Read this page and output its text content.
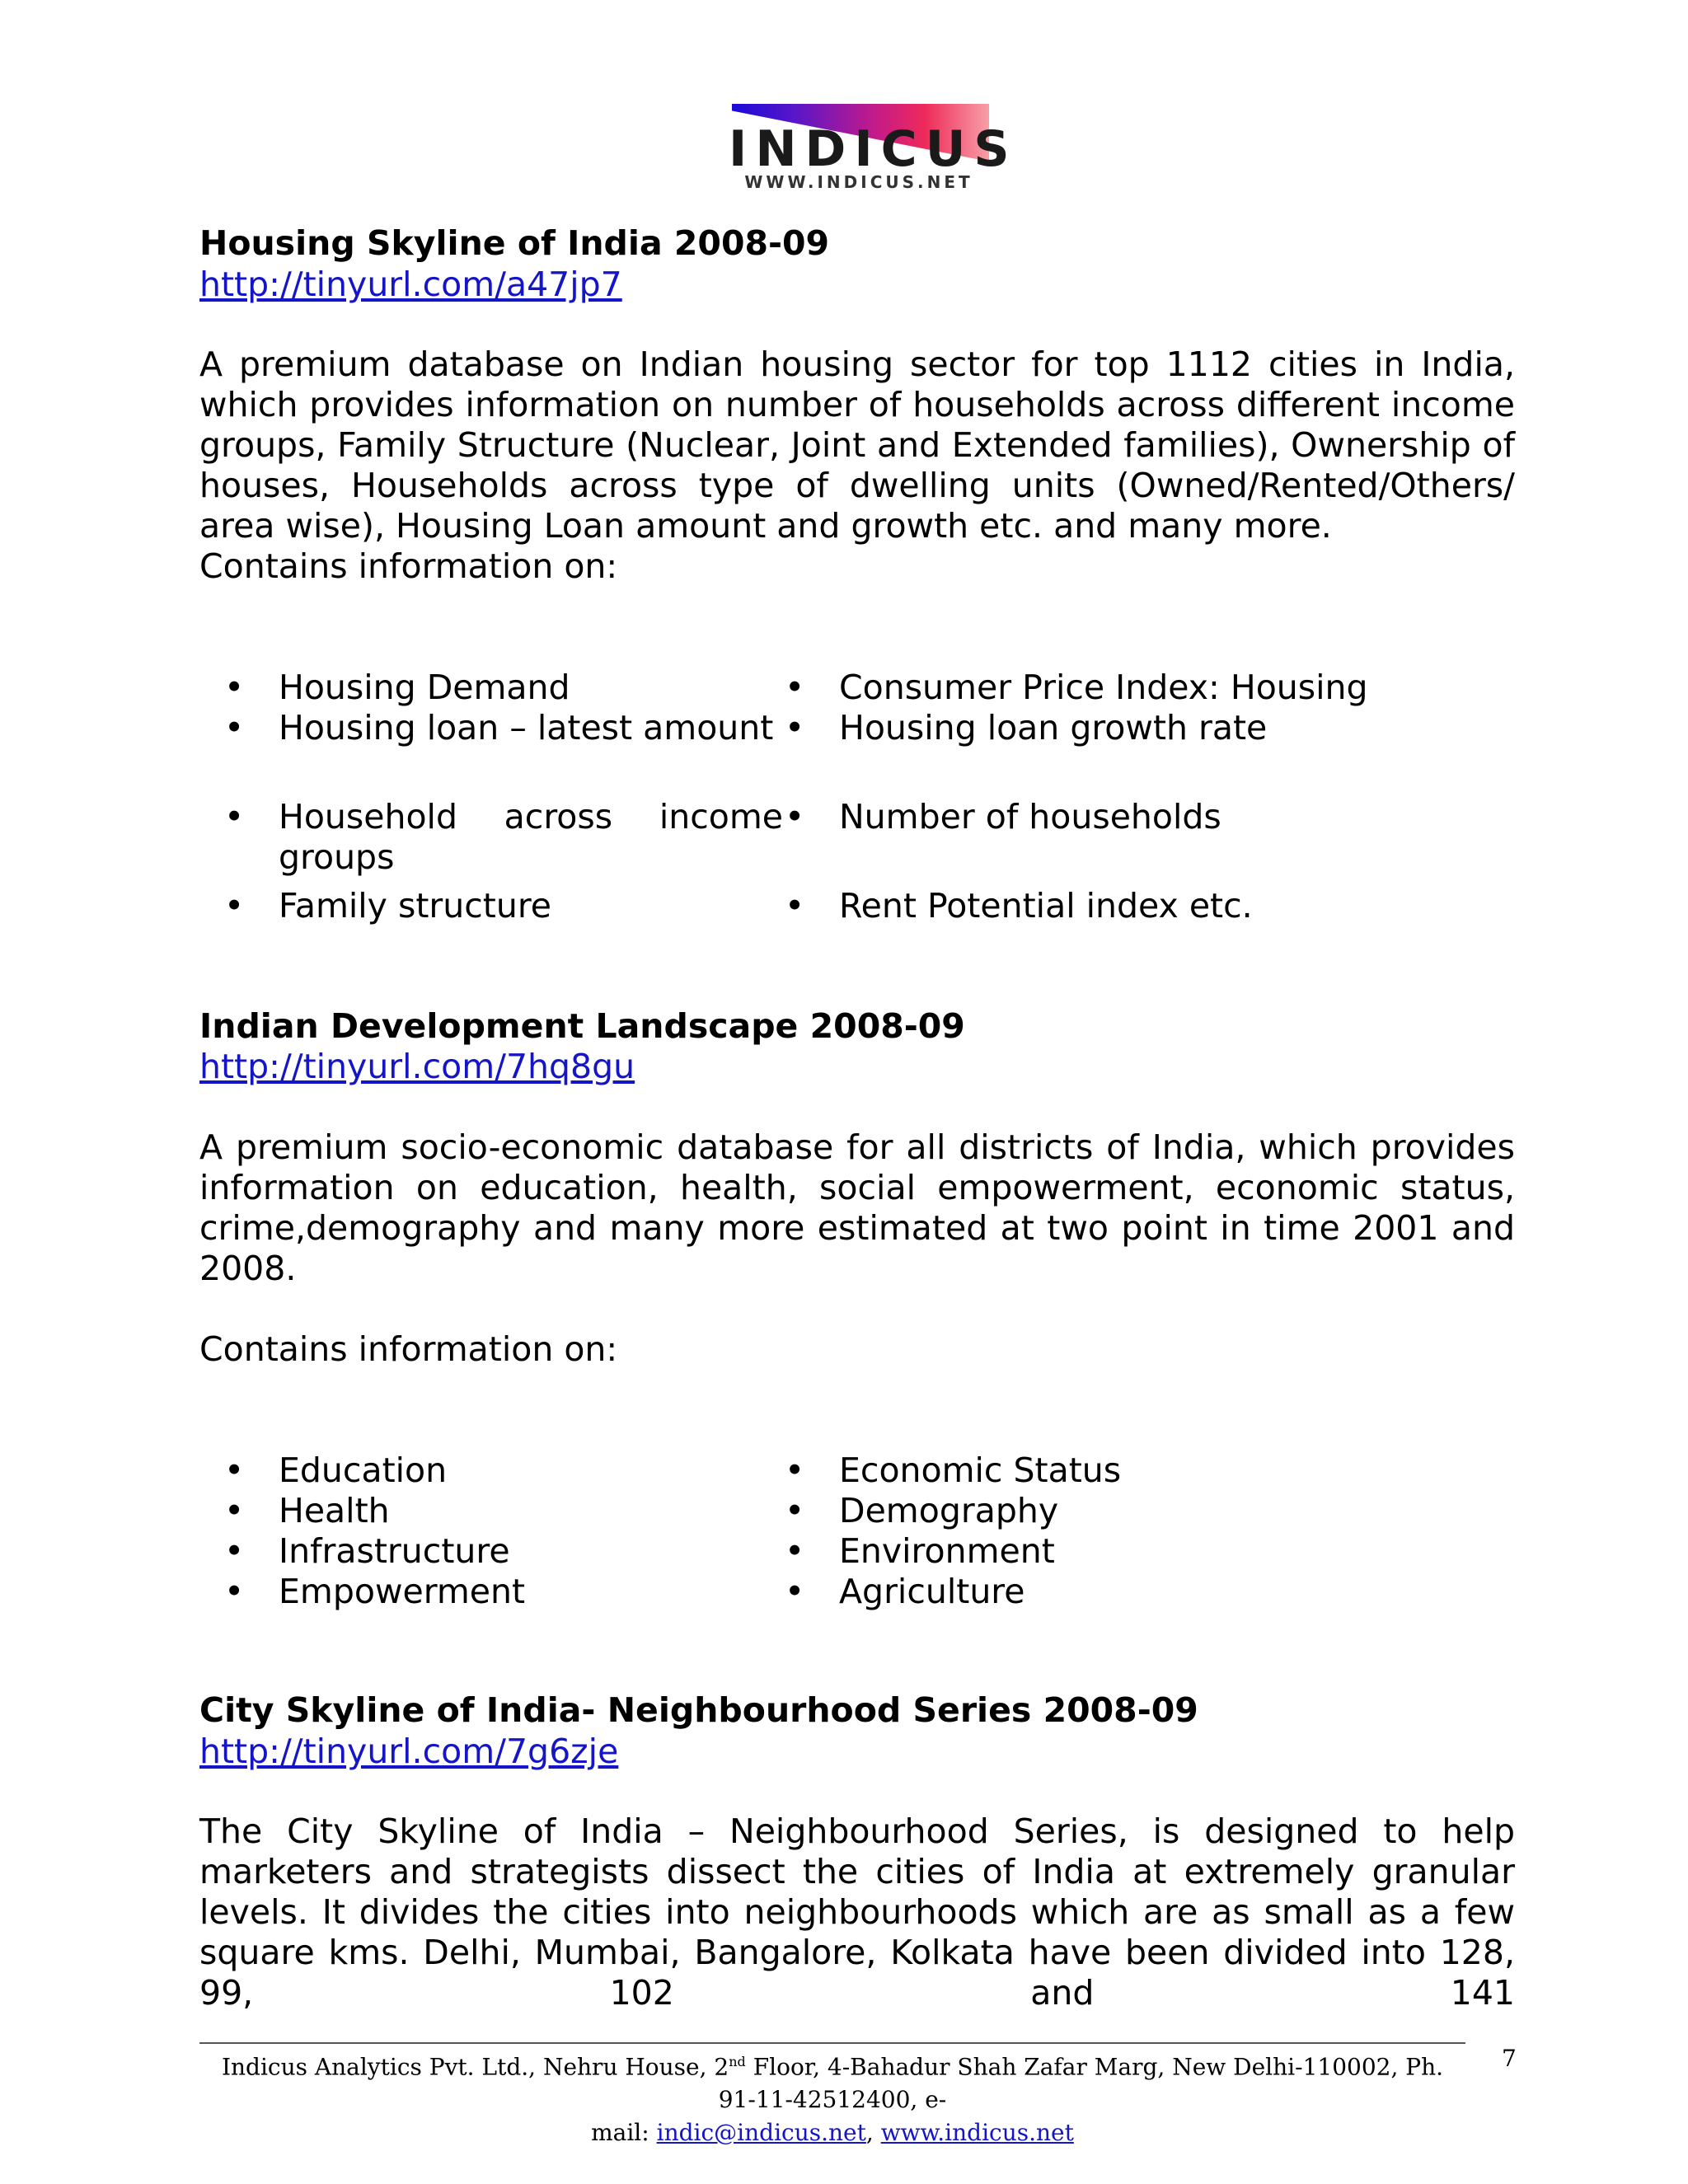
INDICUS
WWW.INDICUS.NET
Housing Skyline of India 2008-09
http://tinyurl.com/a47jp7

A premium database on Indian housing sector for top 1112 cities in India, which provides information on number of households across different income groups, Family Structure (Nuclear, Joint and Extended families), Ownership of houses, Households across type of dwelling units (Owned/Rented/Others/ area wise), Housing Loan amount and growth etc. and many more.

Contains information on:
•
Housing Demand
•
Housing loan – latest amount
•
Household across income groups
•
Family structure
•
Consumer Price Index: Housing
•
Housing loan growth rate
•
Number of households
•
Rent Potential index etc.
Indian Development Landscape 2008-09
http://tinyurl.com/7hq8gu

A premium socio-economic database for all districts of India, which provides information on education, health, social empowerment, economic status, crime,demography and many more estimated at two point in time 2001 and 2008.

Contains information on:
•
Education
•
Health
•
Infrastructure
•
Empowerment
•
Economic Status
•
Demography
•
Environment
•
Agriculture
City Skyline of India- Neighbourhood Series 2008-09
http://tinyurl.com/7g6zje

The City Skyline of India – Neighbourhood Series, is designed to help marketers and strategists dissect the cities of India at extremely granular levels. It divides the cities into neighbourhoods which are as small as a few square kms. Delhi, Mumbai, Bangalore, Kolkata have been divided into 128, 99, 102 and 141

Indicus Analytics Pvt. Ltd., Nehru House, 2nd Floor, 4-Bahadur Shah Zafar Marg, New Delhi-110002, Ph. 91-11-42512400, e-
mail: indic@indicus.net, www.indicus.net
7
